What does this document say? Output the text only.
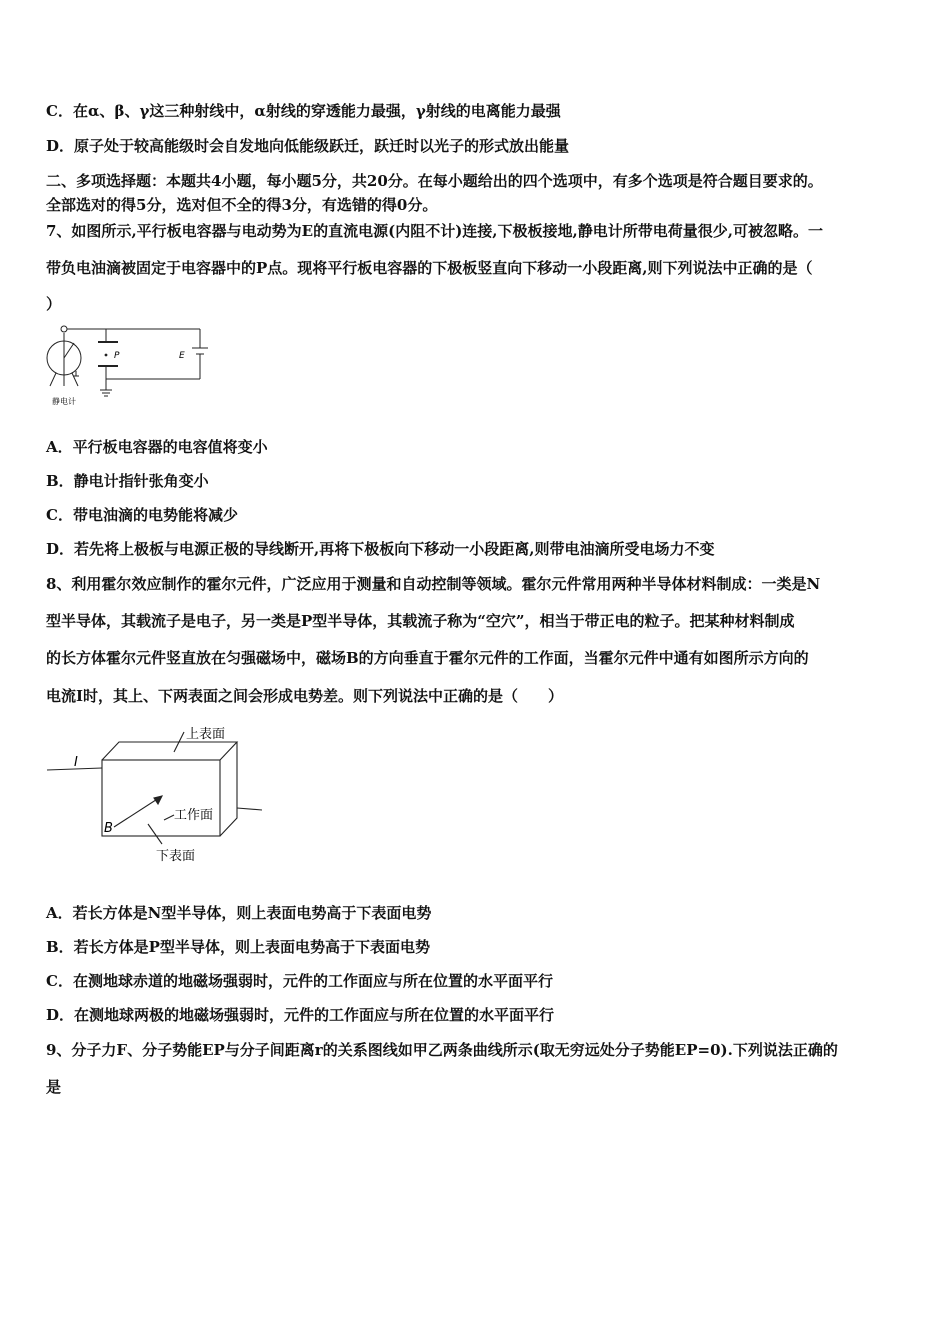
C．在α、β、γ这三种射线中，α射线的穿透能力最强，γ射线的电离能力最强
D．原子处于较高能级时会自发地向低能级跃迁，跃迁时以光子的形式放出能量
二、多项选择题：本题共4小题，每小题5分，共20分。在每小题给出的四个选项中，有多个选项是符合题目要求的。
全部选对的得5分，选对但不全的得3分，有选错的得0分。
7、如图所示,平行板电容器与电动势为E的直流电源(内阻不计)连接,下极板接地,静电计所带电荷量很少,可被忽略。一
带负电油滴被固定于电容器中的P点。现将平行板电容器的下极板竖直向下移动一小段距离,则下列说法中正确的是（
）
P	E
静电计
A．平行板电容器的电容值将变小
B．静电计指针张角变小
C．带电油滴的电势能将减少
D．若先将上极板与电源正极的导线断开,再将下极板向下移动一小段距离,则带电油滴所受电场力不变
8、利用霍尔效应制作的霍尔元件，广泛应用于测量和自动控制等领域。霍尔元件常用两种半导体材料制成：一类是N
型半导体，其载流子是电子，另一类是P型半导体，其载流子称为“空穴”，相当于带正电的粒子。把某种材料制成
的长方体霍尔元件竖直放在匀强磁场中，磁场B的方向垂直于霍尔元件的工作面，当霍尔元件中通有如图所示方向的
电流I时，其上、下两表面之间会形成电势差。则下列说法中正确的是（　　）
上表面
工作面
下表面
I
B
A．若长方体是N型半导体，则上表面电势高于下表面电势
B．若长方体是P型半导体，则上表面电势高于下表面电势
C．在测地球赤道的地磁场强弱时，元件的工作面应与所在位置的水平面平行
D．在测地球两极的地磁场强弱时，元件的工作面应与所在位置的水平面平行
9、分子力F、分子势能EP与分子间距离r的关系图线如甲乙两条曲线所示(取无穷远处分子势能EP=0).下列说法正确的
是
